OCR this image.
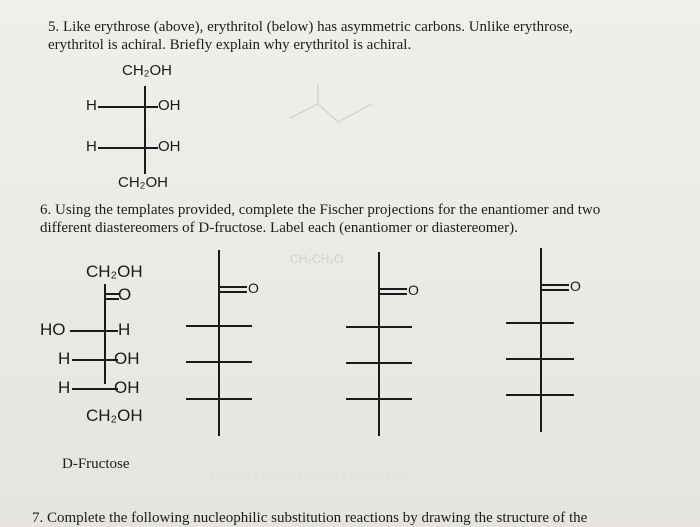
5. Like erythrose (above), erythritol (below) has asymmetric carbons. Unlike erythrose,
erythritol is achiral. Briefly explain why erythritol is achiral.
CH₂OH
H	OH
H	OH
CH₂OH
6. Using the templates provided, complete the Fischer projections for the enantiomer and two
different diastereomers of D-fructose. Label each (enantiomer or diastereomer).
CH₂OH
O
HO	H
H	OH
H	OH
CH₂OH
D-Fructose
O	O	O
CH₂CH₂O
· · · · · · · · · · · · · · · · · · · · · · · · · · ·
7. Complete the following nucleophilic substitution reactions by drawing the structure of the
